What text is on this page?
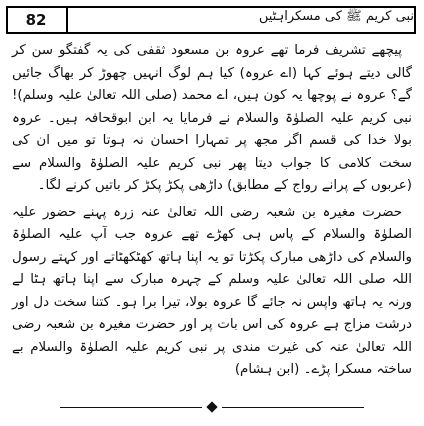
82	نبی کریم ﷺ کی مسکراہٹیں

پیچھے تشریف فرما تھے عروہ بن مسعود ثقفی کی یہ گفتگو سن کر گالی دیتے ہوئے کہا (اے عروہ) کیا ہم لوگ انہیں چھوڑ کر بھاگ جائیں گے؟ عروہ نے پوچھا یہ کون ہیں، اے محمد (صلی اللہ تعالیٰ علیہ وسلم)! نبی کریم علیہ الصلوٰۃ والسلام نے فرمایا یہ ابن ابوقحافہ ہیں۔ عروہ بولا خدا کی قسم اگر مجھ پر تمہارا احسان نہ ہوتا تو میں ان کی سخت کلامی کا جواب دیتا پھر نبی کریم علیہ الصلوٰۃ والسلام سے (عربوں کے پرانے رواج کے مطابق) داڑھی پکڑ پکڑ کر باتیں کرنے لگا۔

حضرت مغیرہ بن شعبہ رضی اللہ تعالیٰ عنہ زرہ پہنے حضور علیہ الصلوٰۃ والسلام کے پاس ہی کھڑے تھے عروہ جب آپ علیہ الصلوٰۃ والسلام کی داڑھی مبارک پکڑتا تو یہ اپنا ہاتھ کھٹکھٹاتے اور کہتے رسول اللہ صلی اللہ تعالیٰ علیہ وسلم کے چہرہ مبارک سے اپنا ہاتھ ہٹا لے ورنہ یہ ہاتھ واپس نہ جائے گا عروہ بولا، تیرا برا ہو۔ کتنا سخت دل اور درشت مزاج ہے عروہ کی اس بات پر اور حضرت مغیرہ بن شعبہ رضی اللہ تعالیٰ عنہ کی غیرت مندی پر نبی کریم علیہ الصلوٰۃ والسلام بے ساختہ مسکرا پڑے۔ (ابن ہشام)
